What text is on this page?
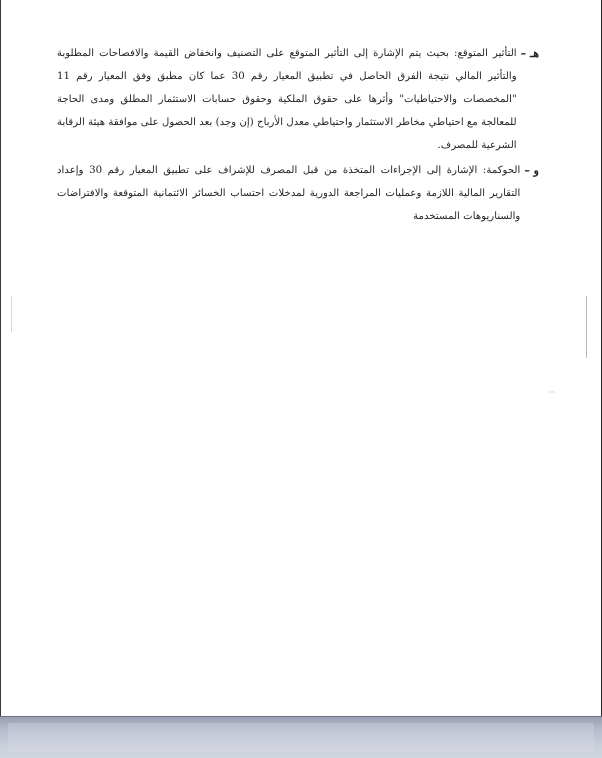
هـ –
التأثير المتوقع: بحيث يتم الإشارة إلى التأثير المتوقع على التصنيف وانخفاض القيمة والافصاحات المطلوبة والتأثير المالي نتيجة الفرق الحاصل في تطبيق المعيار رقم 30 عما كان مطبق وفق المعيار رقم 11 "المخصصات والاحتياطيات" وأثرها على حقوق الملكية وحقوق حسابات الاستثمار المطلق ومدى الحاجة للمعالجة مع احتياطي مخاطر الاستثمار واحتياطي معدل الأرباح (إن وجد) بعد الحصول على موافقة هيئة الرقابة الشرعية للمصرف.
و –
الحوكمة: الإشارة إلى الإجراءات المتخذة من قبل المصرف للإشراف على تطبيق المعيار رقم 30 وإعداد التقارير المالية اللازمة وعمليات المراجعة الدورية لمدخلات احتساب الخسائر الائتمانية المتوقعة والافتراضات والسناريوهات المستخدمة
··
